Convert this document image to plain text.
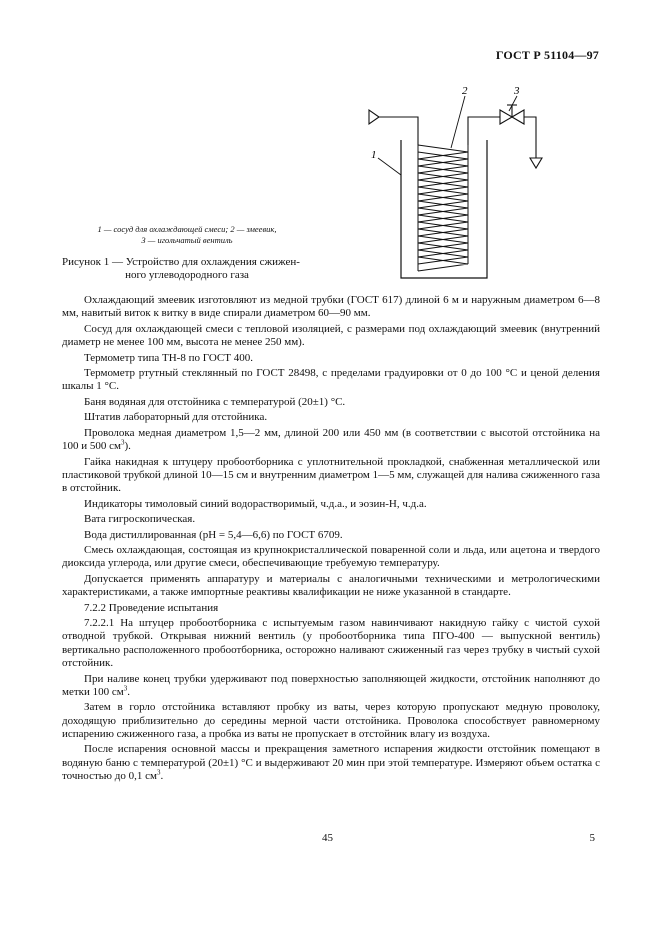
ГОСТ Р 51104—97
1
2	3
1 — сосуд для охлаждающей смеси; 2 — змеевик,
3 — игольчатый вентиль
Рисунок 1 — Устройство для охлаждения сжижен-
ного углеводородного газа

Охлаждающий змеевик изготовляют из медной трубки (ГОСТ 617) длиной 6 м и наружным диаметром 6—8 мм, навитый виток к витку в виде спирали диаметром 60—90 мм.

Сосуд для охлаждающей смеси с тепловой изоляцией, с размерами под охлаждающий змеевик (внутренний диаметр не менее 100 мм, высота не менее 250 мм).

Термометр типа ТН-8 по ГОСТ 400.

Термометр ртутный стеклянный по ГОСТ 28498, с пределами градуировки от 0 до 100 °С и ценой деления шкалы 1 °С.

Баня водяная для отстойника с температурой (20±1) °С.

Штатив лабораторный для отстойника.

Проволока медная диаметром 1,5—2 мм, длиной 200 или 450 мм (в соответствии с высотой отстойника на 100 и 500 $см^3$).

Гайка накидная к штуцеру пробоотборника с уплотнительной прокладкой, снабженная металлической или пластиковой трубкой длиной 10—15 см и внутренним диаметром 1—5 мм, служащей для налива сжиженного газа в отстойник.

Индикаторы тимоловый синий водорастворимый, ч.д.а., и эозин-Н, ч.д.а.

Вата гигроскопическая.

Вода дистиллированная (pH = 5,4—6,6) по ГОСТ 6709.

Смесь охлаждающая, состоящая из крупнокристаллической поваренной соли и льда, или ацетона и твердого диоксида углерода, или другие смеси, обеспечивающие требуемую температуру.

Допускается применять аппаратуру и материалы с аналогичными техническими и метрологическими характеристиками, а также импортные реактивы квалификации не ниже указанной в стандарте.

7.2.2 Проведение испытания

7.2.2.1 На штуцер пробоотборника с испытуемым газом навинчивают накидную гайку с чистой сухой отводной трубкой. Открывая нижний вентиль (у пробоотборника типа ПГО-400 — выпускной вентиль) вертикально расположенного пробоотборника, осторожно наливают сжиженный газ через трубку в чистый сухой отстойник.

При наливе конец трубки удерживают под поверхностью заполняющей жидкости, отстойник наполняют до метки 100 $см^3$.

Затем в горло отстойника вставляют пробку из ваты, через которую пропускают медную проволоку, доходящую приблизительно до середины мерной части отстойника. Проволока способствует равномерному испарению сжиженного газа, а пробка из ваты не пропускает в отстойник влагу из воздуха.

После испарения основной массы и прекращения заметного испарения жидкости отстойник помещают в водяную баню с температурой (20±1) °С и выдерживают 20 мин при этой температуре. Измеряют объем остатка с точностью до 0,1 $см^3$.

45	5
